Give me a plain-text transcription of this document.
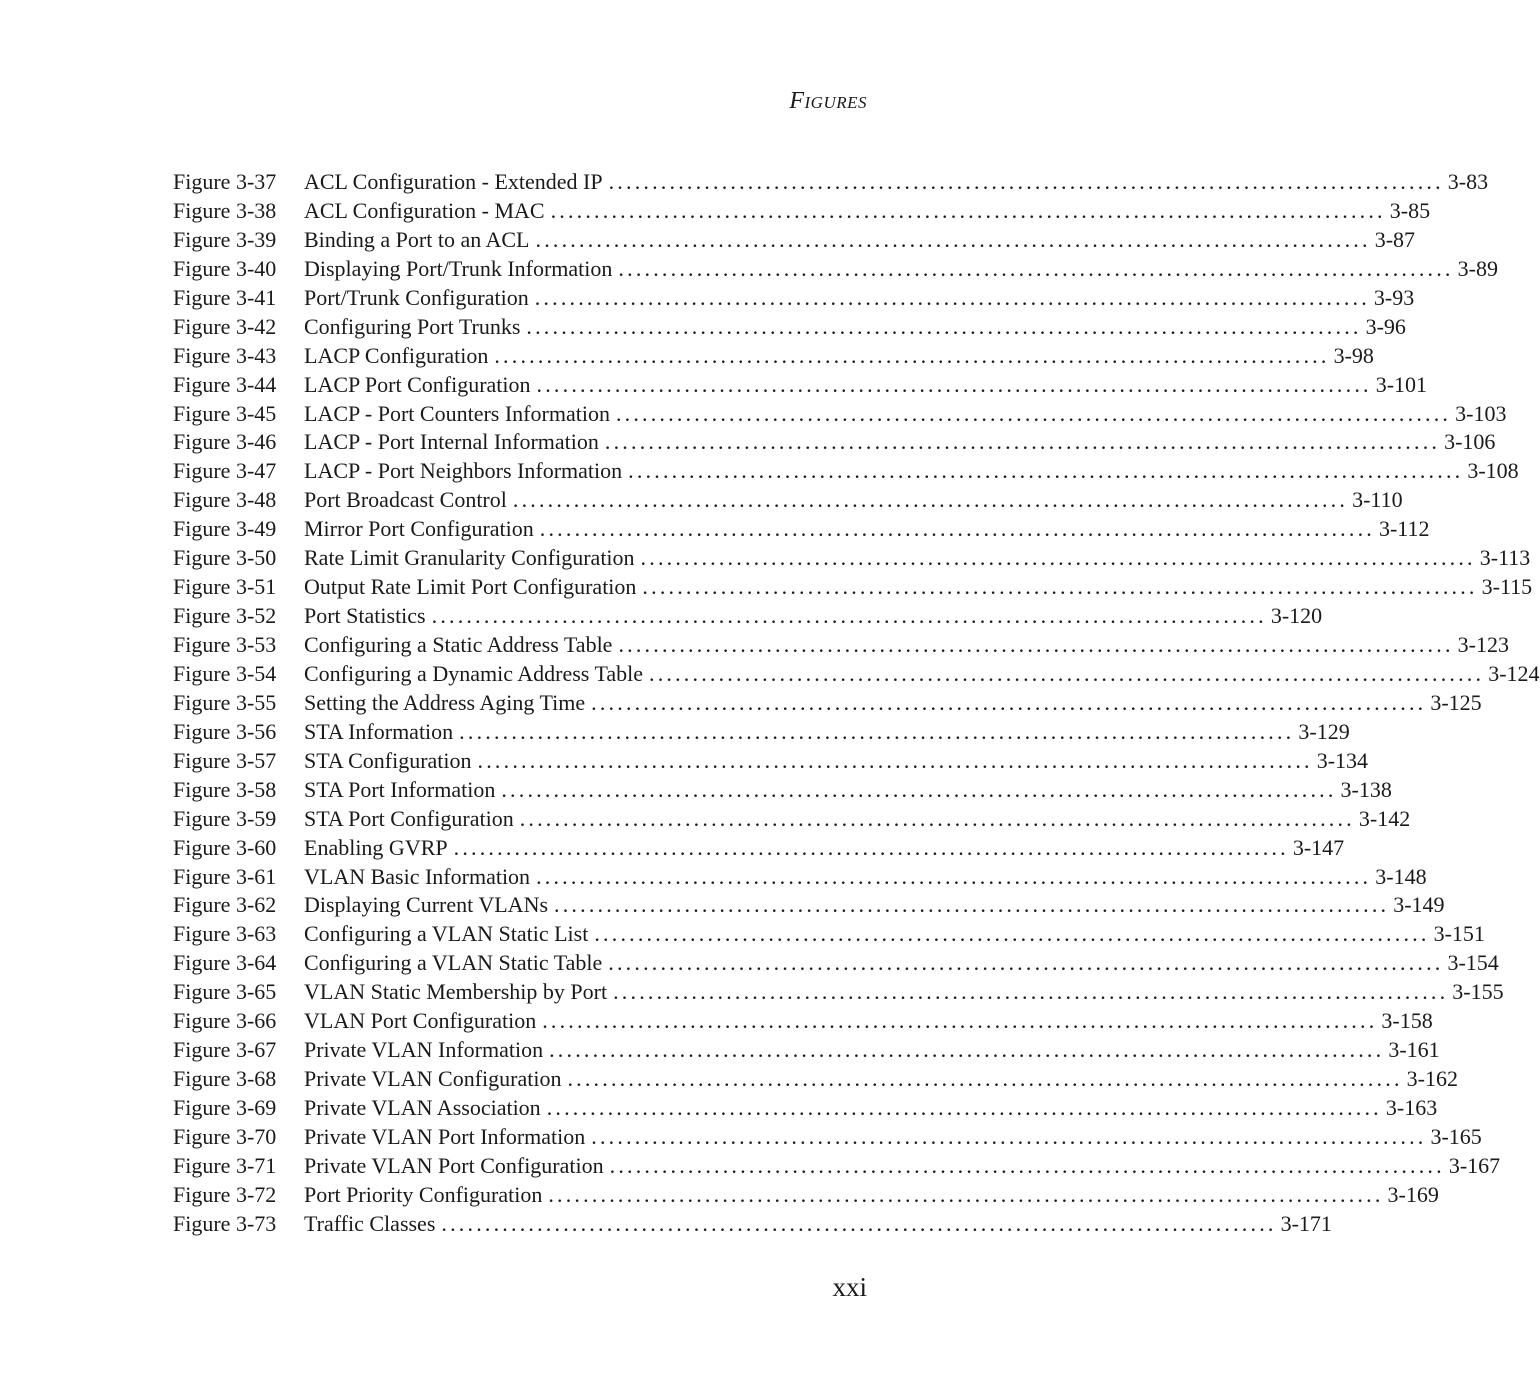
Figures
Figure 3-37	ACL Configuration - Extended IP ................................................................................................ 3-83
Figure 3-38	ACL Configuration - MAC ................................................................................................ 3-85
Figure 3-39	Binding a Port to an ACL ................................................................................................ 3-87
Figure 3-40	Displaying Port/Trunk Information ................................................................................................ 3-89
Figure 3-41	Port/Trunk Configuration ................................................................................................ 3-93
Figure 3-42	Configuring Port Trunks ................................................................................................ 3-96
Figure 3-43	LACP Configuration ................................................................................................ 3-98
Figure 3-44	LACP Port Configuration ................................................................................................ 3-101
Figure 3-45	LACP - Port Counters Information ................................................................................................ 3-103
Figure 3-46	LACP - Port Internal Information ................................................................................................ 3-106
Figure 3-47	LACP - Port Neighbors Information ................................................................................................ 3-108
Figure 3-48	Port Broadcast Control ................................................................................................ 3-110
Figure 3-49	Mirror Port Configuration ................................................................................................ 3-112
Figure 3-50	Rate Limit Granularity Configuration ................................................................................................ 3-113
Figure 3-51	Output Rate Limit Port Configuration ................................................................................................ 3-115
Figure 3-52	Port Statistics ................................................................................................ 3-120
Figure 3-53	Configuring a Static Address Table ................................................................................................ 3-123
Figure 3-54	Configuring a Dynamic Address Table ................................................................................................ 3-124
Figure 3-55	Setting the Address Aging Time ................................................................................................ 3-125
Figure 3-56	STA Information ................................................................................................ 3-129
Figure 3-57	STA Configuration ................................................................................................ 3-134
Figure 3-58	STA Port Information ................................................................................................ 3-138
Figure 3-59	STA Port Configuration ................................................................................................ 3-142
Figure 3-60	Enabling GVRP ................................................................................................ 3-147
Figure 3-61	VLAN Basic Information ................................................................................................ 3-148
Figure 3-62	Displaying Current VLANs ................................................................................................ 3-149
Figure 3-63	Configuring a VLAN Static List ................................................................................................ 3-151
Figure 3-64	Configuring a VLAN Static Table ................................................................................................ 3-154
Figure 3-65	VLAN Static Membership by Port ................................................................................................ 3-155
Figure 3-66	VLAN Port Configuration ................................................................................................ 3-158
Figure 3-67	Private VLAN Information ................................................................................................ 3-161
Figure 3-68	Private VLAN Configuration ................................................................................................ 3-162
Figure 3-69	Private VLAN Association ................................................................................................ 3-163
Figure 3-70	Private VLAN Port Information ................................................................................................ 3-165
Figure 3-71	Private VLAN Port Configuration ................................................................................................ 3-167
Figure 3-72	Port Priority Configuration ................................................................................................ 3-169
Figure 3-73	Traffic Classes ................................................................................................ 3-171
xxi
